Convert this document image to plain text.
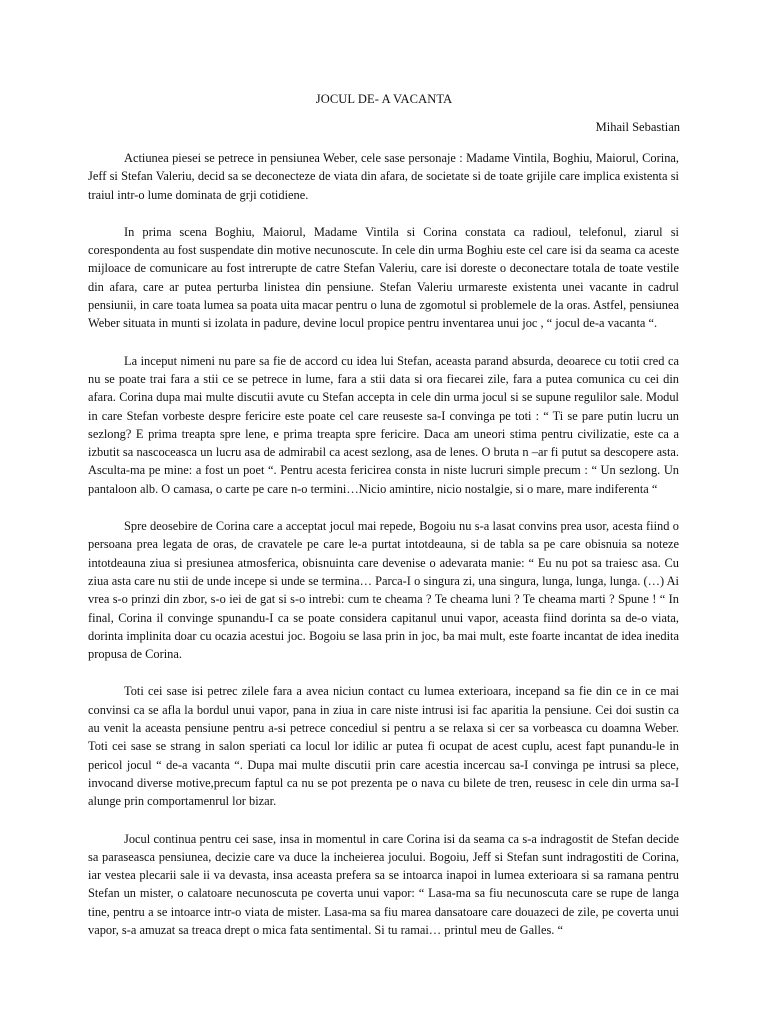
JOCUL DE- A VACANTA
Mihail Sebastian

Actiunea piesei se petrece in pensiunea Weber, cele sase personaje : Madame Vintila, Boghiu, Maiorul, Corina, Jeff si Stefan Valeriu, decid sa se deconecteze de viata din afara, de societate si de toate grijile care implica existenta si traiul intr-o lume dominata de grji cotidiene.

In prima scena Boghiu, Maiorul, Madame Vintila si Corina constata ca radioul, telefonul, ziarul si corespondenta au fost suspendate din motive necunoscute. In cele din urma Boghiu este cel care isi da seama ca aceste mijloace de comunicare au fost intrerupte de catre Stefan Valeriu, care isi doreste o deconectare totala de toate vestile din afara, care ar putea perturba linistea din pensiune. Stefan Valeriu urmareste existenta unei vacante in cadrul pensiunii, in care toata lumea sa poata uita macar pentru o luna de zgomotul si problemele de la oras. Astfel, pensiunea Weber situata in munti si izolata in padure, devine locul propice pentru inventarea unui joc , “ jocul de-a vacanta “.

La inceput nimeni nu pare sa fie de accord cu idea lui Stefan, aceasta parand absurda, deoarece cu totii cred ca nu se poate trai fara a stii ce se petrece in lume, fara a stii data si ora fiecarei zile, fara a putea comunica cu cei din afara. Corina dupa mai multe discutii avute cu Stefan accepta in cele din urma jocul si se supune regulilor sale. Modul in care Stefan vorbeste despre fericire este poate cel care reuseste sa-I convinga pe toti : “ Ti se pare putin lucru un sezlong? E prima treapta spre lene, e prima treapta spre fericire. Daca am uneori stima pentru civilizatie, este ca a izbutit sa nascoceasca un lucru asa de admirabil ca acest sezlong, asa de lenes. O bruta n –ar fi putut sa descopere asta. Asculta-ma pe mine: a fost un poet “. Pentru acesta fericirea consta in niste lucruri simple precum : “ Un sezlong. Un pantaloon alb. O camasa, o carte pe care n-o termini…Nicio amintire, nicio nostalgie, si o mare, mare indiferenta “

Spre deosebire de Corina care a acceptat jocul mai repede, Bogoiu nu s-a lasat convins prea usor, acesta fiind o persoana prea legata de oras, de cravatele pe care le-a purtat intotdeauna, si de tabla sa pe care obisnuia sa noteze intotdeauna ziua si presiunea atmosferica, obisnuinta care devenise o adevarata manie: “ Eu nu pot sa traiesc asa. Cu ziua asta care nu stii de unde incepe si unde se termina… Parca-I o singura zi, una singura, lunga, lunga, lunga. (…) Ai vrea s-o prinzi din zbor, s-o iei de gat si s-o intrebi: cum te cheama ? Te cheama luni ? Te cheama marti ? Spune ! “ In final, Corina il convinge spunandu-I ca se poate considera capitanul unui vapor, aceasta fiind dorinta sa de-o viata, dorinta implinita doar cu ocazia acestui joc. Bogoiu se lasa prin in joc, ba mai mult, este foarte incantat de idea inedita propusa de Corina.

Toti cei sase isi petrec zilele fara a avea niciun contact cu lumea exterioara, incepand sa fie din ce in ce mai convinsi ca se afla la bordul unui vapor, pana in ziua in care niste intrusi isi fac aparitia la pensiune. Cei doi sustin ca au venit la aceasta pensiune pentru a-si petrece concediul si pentru a se relaxa si cer sa vorbeasca cu doamna Weber. Toti cei sase se strang in salon speriati ca locul lor idilic ar putea fi ocupat de acest cuplu, acest fapt punandu-le in pericol jocul “ de-a vacanta “. Dupa mai multe discutii prin care acestia incercau sa-I convinga pe intrusi sa plece, invocand diverse motive,precum faptul ca nu se pot prezenta pe o nava cu bilete de tren, reusesc in cele din urma sa-I alunge prin comportamenrul lor bizar.

Jocul continua pentru cei sase, insa in momentul in care Corina isi da seama ca s-a indragostit de Stefan decide sa paraseasca pensiunea, decizie care va duce la incheierea jocului. Bogoiu, Jeff si Stefan sunt indragostiti de Corina, iar vestea plecarii sale ii va devasta, insa aceasta prefera sa se intoarca inapoi in lumea exterioara si sa ramana pentru Stefan un mister, o calatoare necunoscuta pe coverta unui vapor: “ Lasa-ma sa fiu necunoscuta care se rupe de langa tine, pentru a se intoarce intr-o viata de mister. Lasa-ma sa fiu marea dansatoare care douazeci de zile, pe coverta unui vapor, s-a amuzat sa treaca drept o mica fata sentimental. Si tu ramai… printul meu de Galles. “
